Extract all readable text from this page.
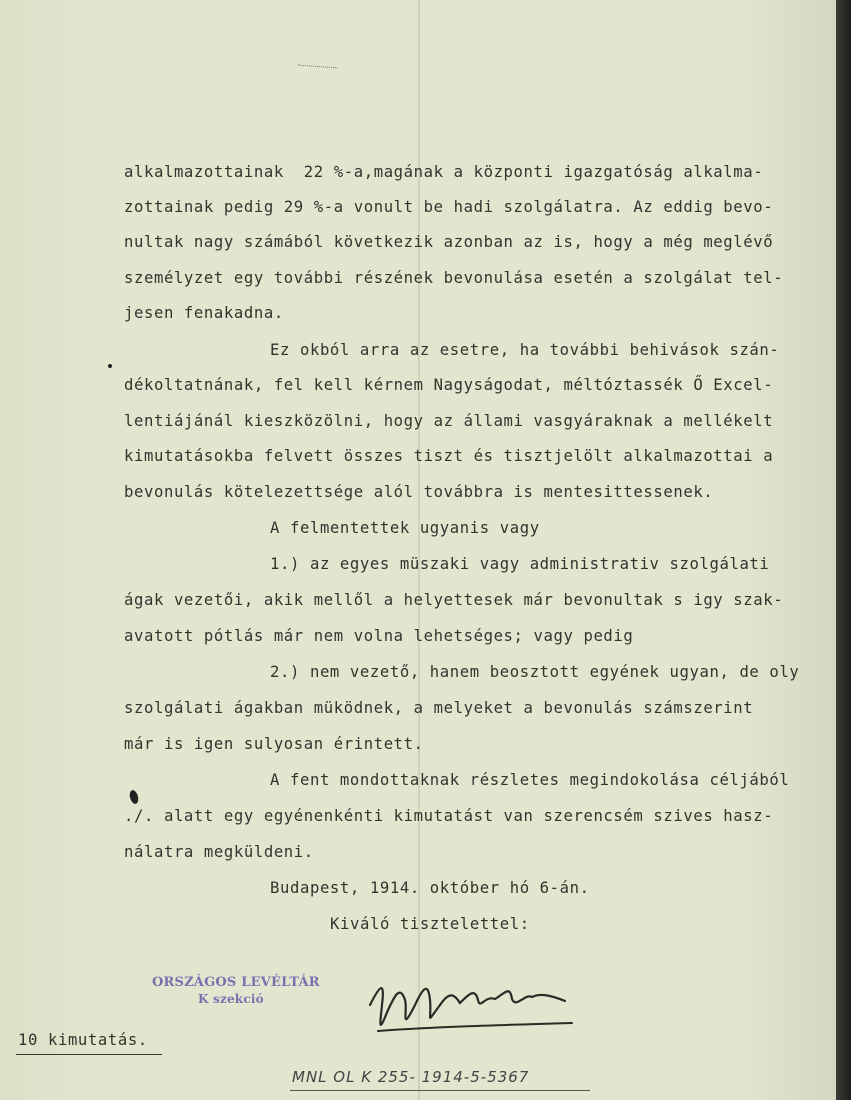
alkalmazottainak  22 %-a,magának a központi igazgatóság alkalma-
zottainak pedig 29 %-a vonult be hadi szolgálatra. Az eddig bevo-
nultak nagy számából következik azonban az is, hogy a még meglévő
személyzet egy további részének bevonulása esetén a szolgálat tel-
jesen fenakadna.
Ez okból arra az esetre, ha további behivások szán-
dékoltatnának, fel kell kérnem Nagyságodat, méltóztassék Ő Excel-
lentiájánál kieszközölni, hogy az állami vasgyáraknak a mellékelt
kimutatásokba felvett összes tiszt és tisztjelölt alkalmazottai a
bevonulás kötelezettsége alól továbbra is mentesittessenek.
A felmentettek ugyanis vagy
1.) az egyes müszaki vagy administrativ szolgálati
ágak vezetői, akik mellől a helyettesek már bevonultak s igy szak-
avatott pótlás már nem volna lehetséges; vagy pedig
2.) nem vezető, hanem beosztott egyének ugyan, de oly
szolgálati ágakban müködnek, a melyeket a bevonulás számszerint
már is igen sulyosan érintett.
A fent mondottaknak részletes megindokolása céljából
./. alatt egy egyénenkénti kimutatást van szerencsém szives hasz-
nálatra megküldeni.
Budapest, 1914. október hó 6-án.
Kiváló tisztelettel:
10 kimutatás.
ORSZÁGOS LEVÉLTÁR
K szekció
MNL OL K 255- 1914-5-5367
